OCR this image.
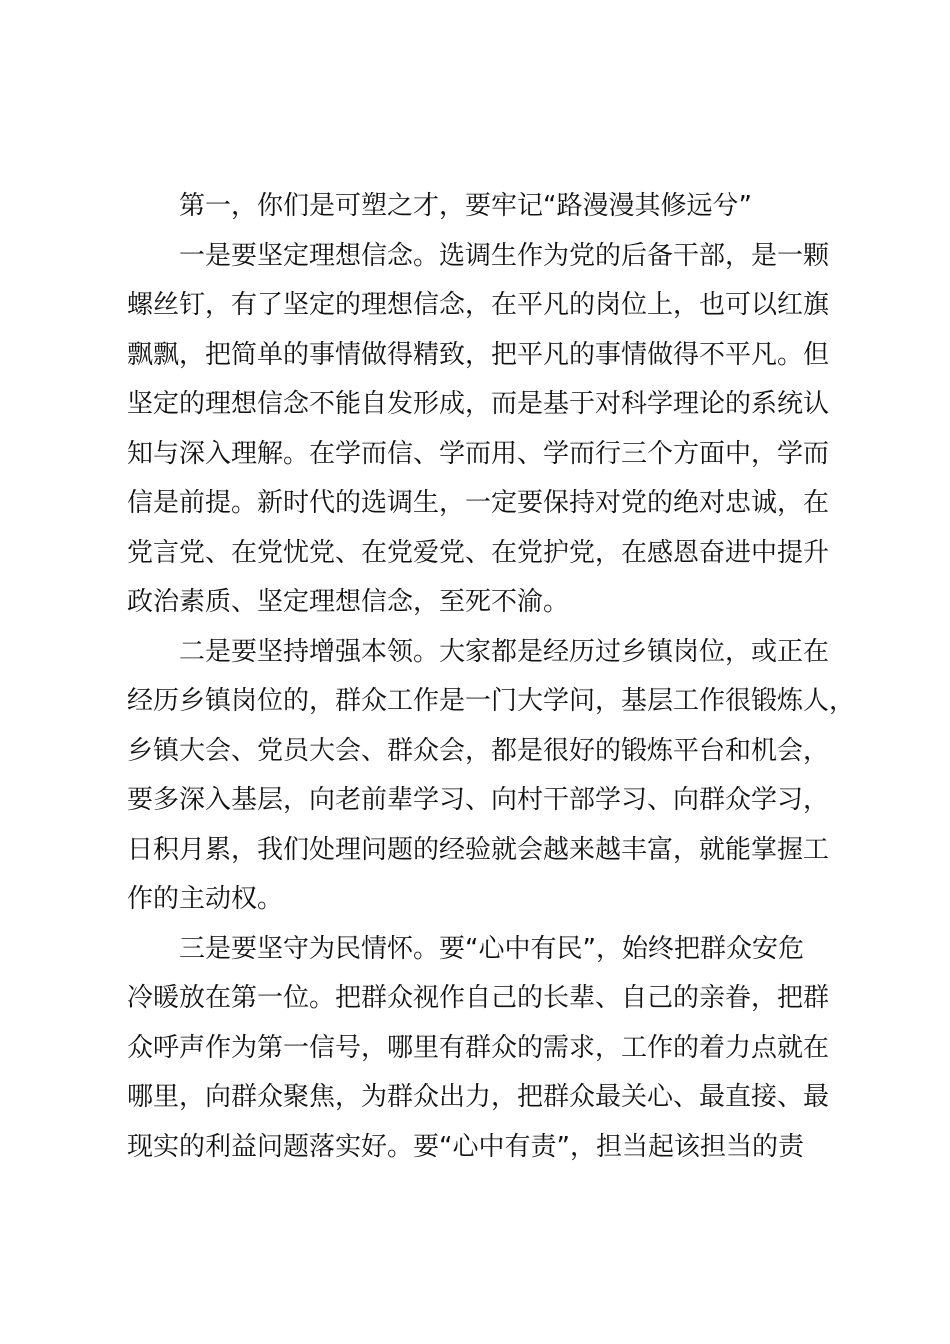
第一，你们是可塑之才，要牢记“路漫漫其修远兮”
一是要坚定理想信念。选调生作为党的后备干部，是一颗
螺丝钉，有了坚定的理想信念，在平凡的岗位上，也可以红旗
飘飘，把简单的事情做得精致，把平凡的事情做得不平凡。但
坚定的理想信念不能自发形成，而是基于对科学理论的系统认
知与深入理解。在学而信、学而用、学而行三个方面中，学而
信是前提。新时代的选调生，一定要保持对党的绝对忠诚，在
党言党、在党忧党、在党爱党、在党护党，在感恩奋进中提升
政治素质、坚定理想信念，至死不渝。
二是要坚持增强本领。大家都是经历过乡镇岗位，或正在
经历乡镇岗位的，群众工作是一门大学问，基层工作很锻炼人，
乡镇大会、党员大会、群众会，都是很好的锻炼平台和机会，
要多深入基层，向老前辈学习、向村干部学习、向群众学习，
日积月累，我们处理问题的经验就会越来越丰富，就能掌握工
作的主动权。
三是要坚守为民情怀。要“心中有民”，始终把群众安危
冷暖放在第一位。把群众视作自己的长辈、自己的亲眷，把群
众呼声作为第一信号，哪里有群众的需求，工作的着力点就在
哪里，向群众聚焦，为群众出力，把群众最关心、最直接、最
现实的利益问题落实好。要“心中有责”，担当起该担当的责
